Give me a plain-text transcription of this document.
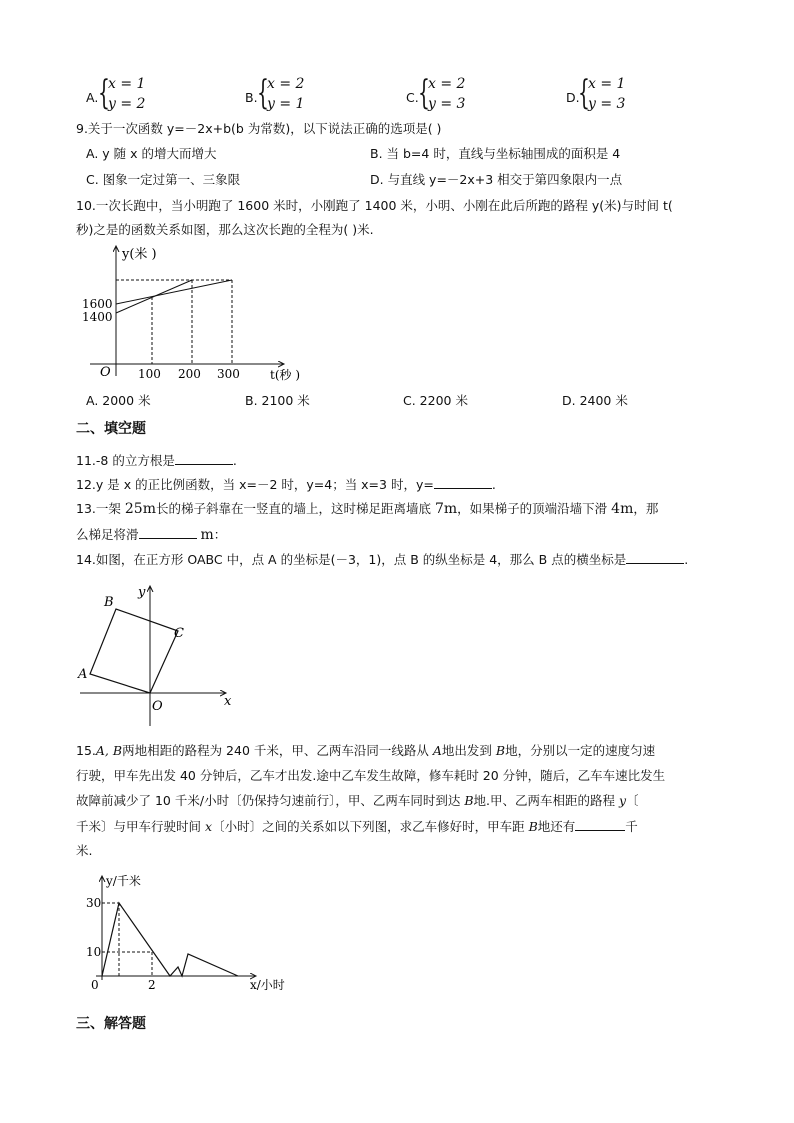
A. {
x = 1
y = 2	B. {
x = 2
y = 1	C. {
x = 2
y = 3	D.
{
x = 1
y = 3
9.关于一次函数 y=－2x+b(b 为常数)，以下说法正确的选项是( )
A. y 随 x 的增大而增大	B. 当 b=4 时，直线与坐标轴围成的面积是 4
C. 图象一定过第一、三象限	D. 与直线 y=－2x+3 相交于第四象限内一点
10.一次长跑中，当小明跑了 1600 米时，小刚跑了 1400 米，小明、小刚在此后所跑的路程 y(米)与时间 t(
秒)之是的函数关系如图，那么这次长跑的全程为( )米.
y(米 )
1600
1400
O 100 200 300	t(秒 )
A. 2000 米	B. 2100 米	C. 2200 米	D. 2400 米
二、填空题
11.-8 的立方根是	.
12.y 是 x 的正比例函数，当 x=－2 时，y=4；当 x=3 时，y=	.
13.一架 25m长的梯子斜靠在一竖直的墙上，这时梯足距离墙底 7m，如果梯子的顶端沿墙下滑 4m，那
么梯足将滑	m：
14.如图，在正方形 OABC 中，点 A 的坐标是(－3，1)，点 B 的纵坐标是 4，那么 B 点的横坐标是	.
B
C
A
O	x
y
15.A, B两地相距的路程为 240 千米，甲、乙两车沿同一线路从 A地出发到 B地，分别以一定的速度匀速
行驶，甲车先出发 40 分钟后，乙车才出发.途中乙车发生故障，修车耗时 20 分钟，随后，乙车车速比发生
故障前减少了 10 千米/小时〔仍保持匀速前行〕，甲、乙两车同时到达 B地.甲、乙两车相距的路程 y〔
千米〕与甲车行驶时间 x〔小时〕之间的关系如以下列图，求乙车修好时，甲车距 B地还有	千
米.
y/千米
30
10
0	2	x/小时
三、解答题
